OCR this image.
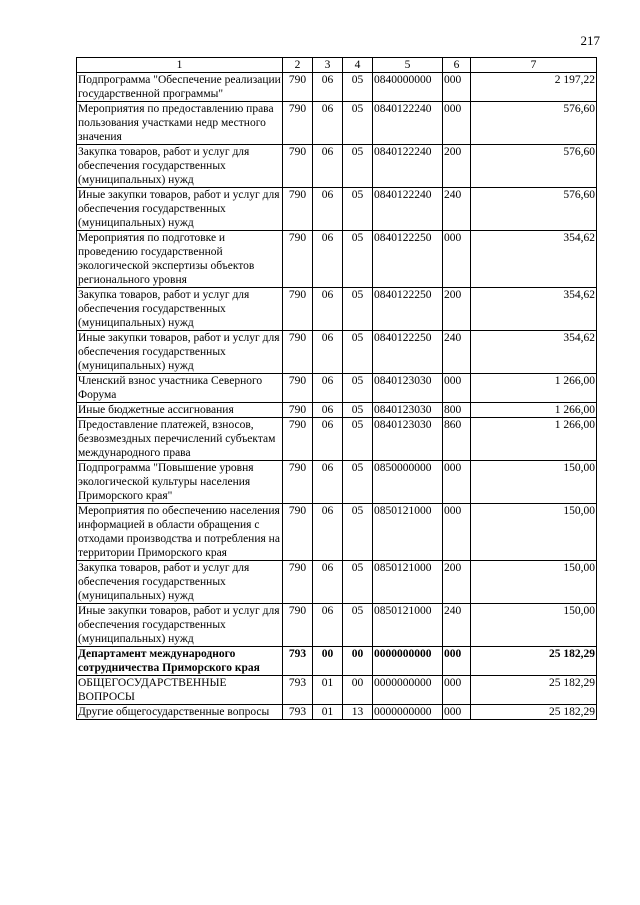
217
1	2	3	4	5	6	7
Подпрограмма "Обеспечение реализации государственной программы"	790	06	05	0840000000	000	2 197,22
Мероприятия по предоставлению права пользования участками недр местного значения	790	06	05	0840122240	000	576,60
Закупка товаров, работ и услуг для обеспечения государственных (муниципальных) нужд	790	06	05	0840122240	200	576,60
Иные закупки товаров, работ и услуг для обеспечения государственных (муниципальных) нужд	790	06	05	0840122240	240	576,60
Мероприятия по подготовке и проведению государственной экологической экспертизы объектов регионального уровня	790	06	05	0840122250	000	354,62
Закупка товаров, работ и услуг для обеспечения государственных (муниципальных) нужд	790	06	05	0840122250	200	354,62
Иные закупки товаров, работ и услуг для обеспечения государственных (муниципальных) нужд	790	06	05	0840122250	240	354,62
Членский взнос участника Северного Форума	790	06	05	0840123030	000	1 266,00
Иные бюджетные ассигнования	790	06	05	0840123030	800	1 266,00
Предоставление платежей, взносов, безвозмездных перечислений субъектам международного права	790	06	05	0840123030	860	1 266,00
Подпрограмма "Повышение уровня экологической культуры населения Приморского края"	790	06	05	0850000000	000	150,00
Мероприятия по обеспечению населения информацией в области обращения с отходами производства и потребления на территории Приморского края	790	06	05	0850121000	000	150,00
Закупка товаров, работ и услуг для обеспечения государственных (муниципальных) нужд	790	06	05	0850121000	200	150,00
Иные закупки товаров, работ и услуг для обеспечения государственных (муниципальных) нужд	790	06	05	0850121000	240	150,00
Департамент международного сотрудничества Приморского края	793	00	00	0000000000	000	25 182,29
ОБЩЕГОСУДАРСТВЕННЫЕ ВОПРОСЫ	793	01	00	0000000000	000	25 182,29
Другие общегосударственные вопросы	793	01	13	0000000000	000	25 182,29
